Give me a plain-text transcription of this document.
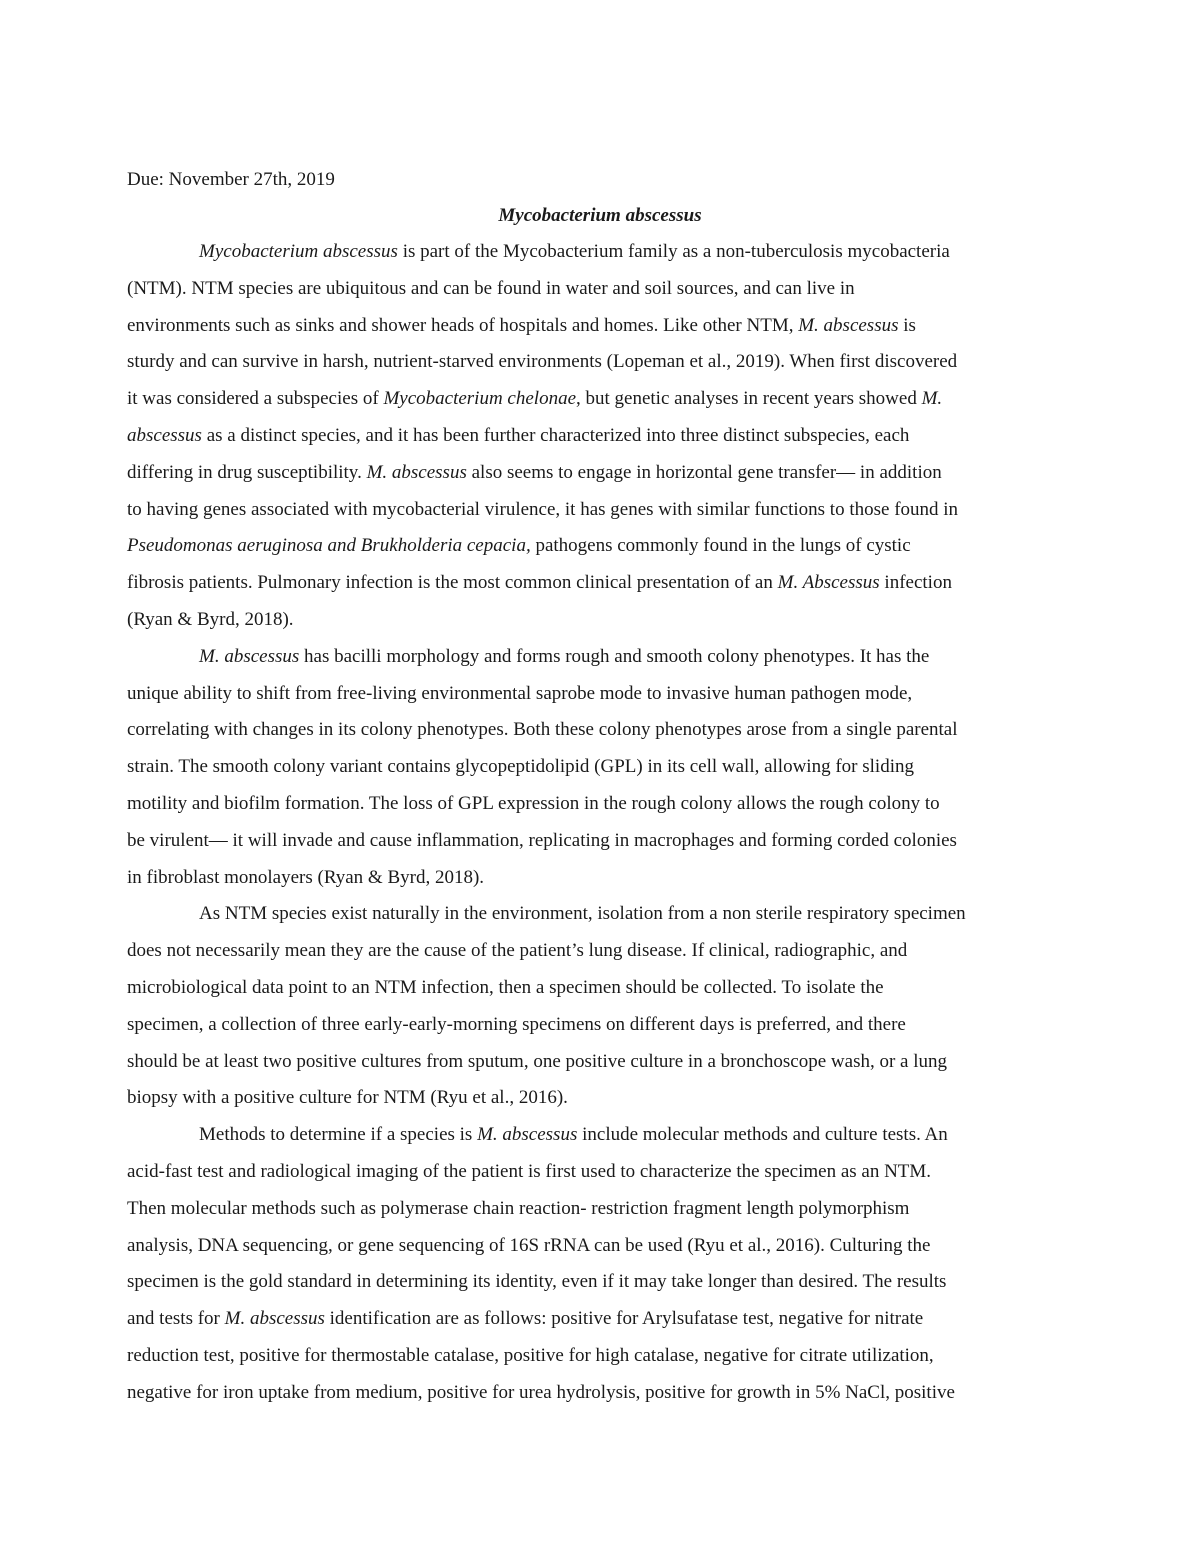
Due: November 27th, 2019
Mycobacterium abscessus
Mycobacterium abscessus is part of the Mycobacterium family as a non-tuberculosis mycobacteria
(NTM). NTM species are ubiquitous and can be found in water and soil sources, and can live in
environments such as sinks and shower heads of hospitals and homes. Like other NTM, M. abscessus is
sturdy and can survive in harsh, nutrient-starved environments (Lopeman et al., 2019). When first discovered
it was considered a subspecies of Mycobacterium chelonae, but genetic analyses in recent years showed M.
abscessus as a distinct species, and it has been further characterized into three distinct subspecies, each
differing in drug susceptibility. M. abscessus also seems to engage in horizontal gene transfer— in addition
to having genes associated with mycobacterial virulence, it has genes with similar functions to those found in
Pseudomonas aeruginosa and Brukholderia cepacia, pathogens commonly found in the lungs of cystic
fibrosis patients. Pulmonary infection is the most common clinical presentation of an M. Abscessus infection
(Ryan & Byrd, 2018).
M. abscessus has bacilli morphology and forms rough and smooth colony phenotypes. It has the
unique ability to shift from free-living environmental saprobe mode to invasive human pathogen mode,
correlating with changes in its colony phenotypes. Both these colony phenotypes arose from a single parental
strain. The smooth colony variant contains glycopeptidolipid (GPL) in its cell wall, allowing for sliding
motility and biofilm formation. The loss of GPL expression in the rough colony allows the rough colony to
be virulent— it will invade and cause inflammation, replicating in macrophages and forming corded colonies
in fibroblast monolayers (Ryan & Byrd, 2018).
As NTM species exist naturally in the environment, isolation from a non sterile respiratory specimen
does not necessarily mean they are the cause of the patient’s lung disease. If clinical, radiographic, and
microbiological data point to an NTM infection, then a specimen should be collected. To isolate the
specimen, a collection of three early-early-morning specimens on different days is preferred, and there
should be at least two positive cultures from sputum, one positive culture in a bronchoscope wash, or a lung
biopsy with a positive culture for NTM (Ryu et al., 2016).
Methods to determine if a species is M. abscessus include molecular methods and culture tests. An
acid-fast test and radiological imaging of the patient is first used to characterize the specimen as an NTM.
Then molecular methods such as polymerase chain reaction- restriction fragment length polymorphism
analysis, DNA sequencing, or gene sequencing of 16S rRNA can be used (Ryu et al., 2016). Culturing the
specimen is the gold standard in determining its identity, even if it may take longer than desired. The results
and tests for M. abscessus identification are as follows: positive for Arylsufatase test, negative for nitrate
reduction test, positive for thermostable catalase, positive for high catalase, negative for citrate utilization,
negative for iron uptake from medium, positive for urea hydrolysis, positive for growth in 5% NaCl, positive
